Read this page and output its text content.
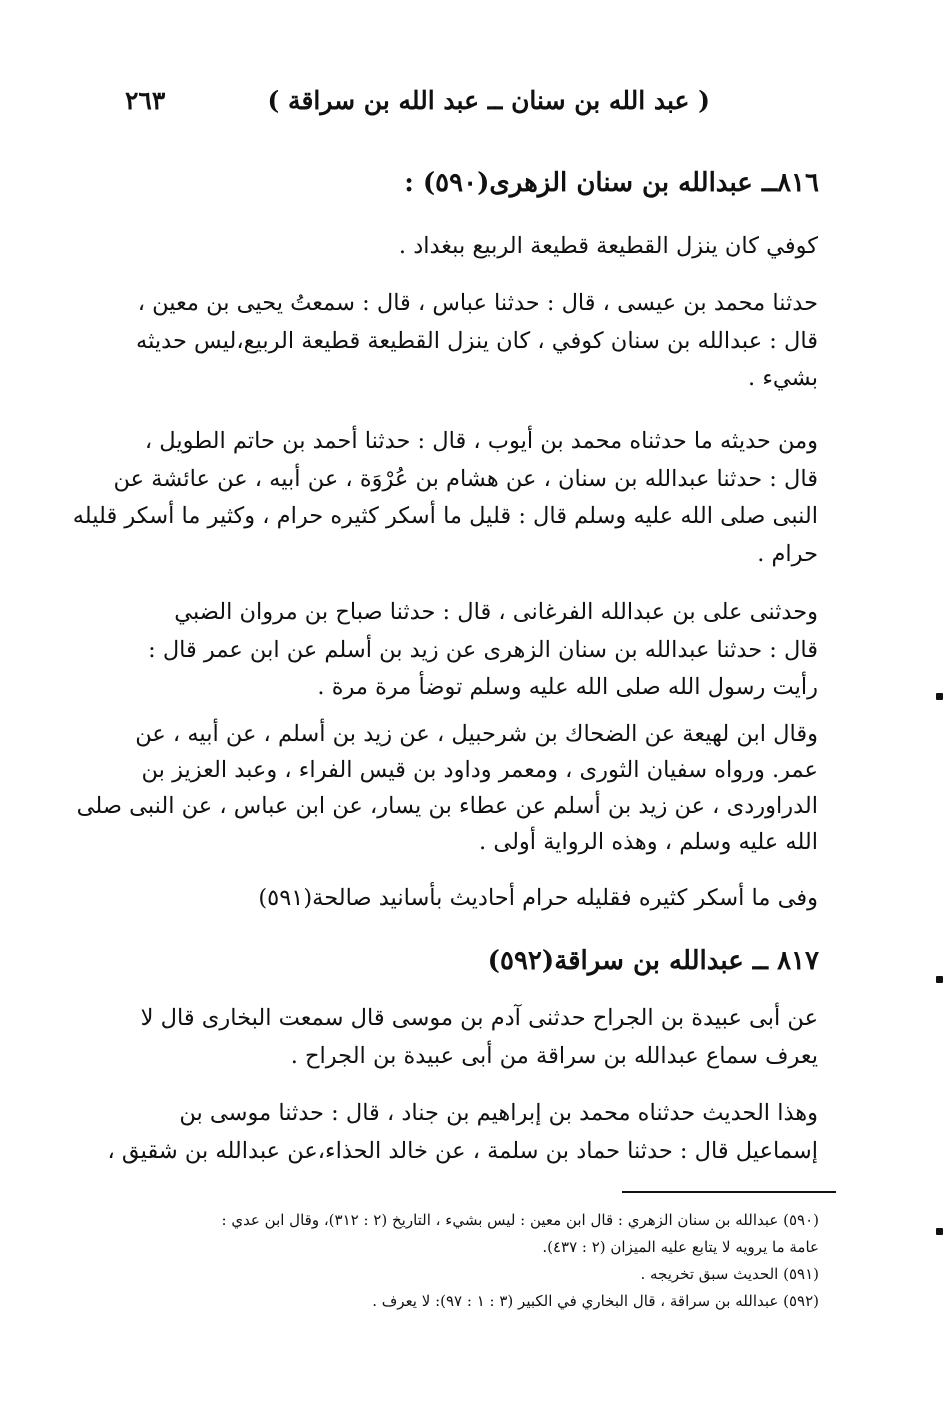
( عبد الله بن سنان ــ عبد الله بن سراقة )
٢٦٣
٨١٦ــ عبدالله بن سنان الزهرى(٥٩٠) :
كوفي كان ينزل القطيعة قطيعة الربيع ببغداد .
حدثنا محمد بن عيسى ، قال : حدثنا عباس ، قال : سمعتُ يحيى بن معين ،
قال : عبدالله بن سنان كوفي ، كان ينزل القطيعة قطيعة الربيع،ليس حديثه
بشيء .
ومن حديثه ما حدثناه محمد بن أيوب ، قال : حدثنا أحمد بن حاتم الطويل ،
قال : حدثنا عبدالله بن سنان ، عن هشام بن عُرْوَة ، عن أبيه ، عن عائشة عن
النبى صلى الله عليه وسلم قال : قليل ما أسكر كثيره حرام ، وكثير ما أسكر قليله
حرام .
وحدثنى على بن عبدالله الفرغانى ، قال : حدثنا صباح بن مروان الضبي
قال : حدثنا عبدالله بن سنان الزهرى عن زيد بن أسلم عن ابن عمر قال :
رأيت رسول الله صلى الله عليه وسلم توضأ مرة مرة .
وقال ابن لهيعة عن الضحاك بن شرحبيل ، عن زيد بن أسلم ، عن أبيه ، عن
عمر. ورواه سفيان الثورى ، ومعمر وداود بن قيس الفراء ، وعبد العزيز بن
الدراوردى ، عن زيد بن أسلم عن عطاء بن يسار، عن ابن عباس ، عن النبى صلى
الله عليه وسلم ، وهذه الرواية أولى .
وفى ما أسكر كثيره فقليله حرام أحاديث بأسانيد صالحة(٥٩١)
٨١٧ ــ عبدالله بن سراقة(٥٩٢)
عن أبى عبيدة بن الجراح حدثنى آدم بن موسى قال سمعت البخارى قال لا
يعرف سماع عبدالله بن سراقة من أبى عبيدة بن الجراح .
وهذا الحديث حدثناه محمد بن إبراهيم بن جناد ، قال : حدثنا موسى بن
إسماعيل قال : حدثنا حماد بن سلمة ، عن خالد الحذاء،عن عبدالله بن شقيق ،
(٥٩٠) عبدالله بن سنان الزهري : قال ابن معين : ليس بشيء ، التاريخ (٢ : ٣١٢)، وقال ابن عدي :
عامة ما يرويه لا يتابع عليه الميزان (٢ : ٤٣٧).
(٥٩١) الحديث سبق تخريجه .
(٥٩٢) عبدالله بن سراقة ، قال البخاري في الكبير (٣ : ١ : ٩٧): لا يعرف .
